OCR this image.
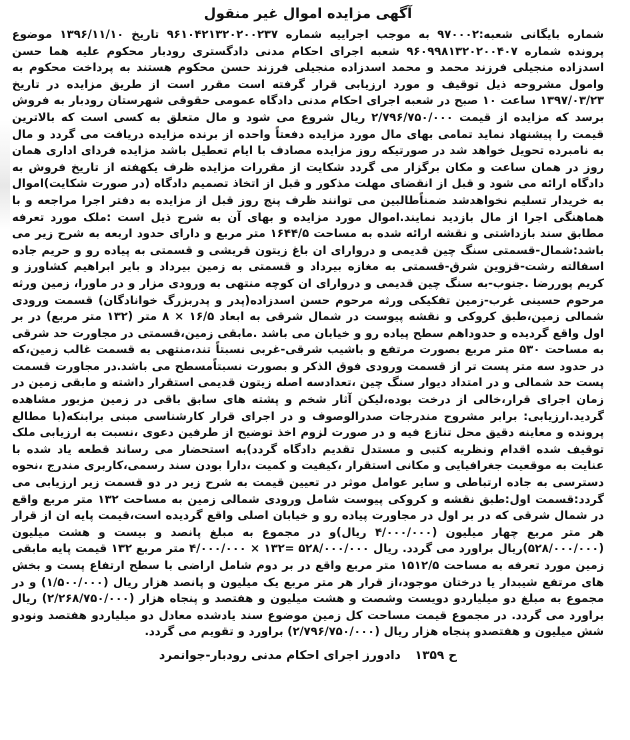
آگهی مزایده اموال غیر منقول

شماره بایگانی شعبه:۹۷۰۰۰۲ به موجب اجراییه شماره ۹۶۱۰۴۲۱۳۲۰۲۰۰۲۳۷ تاریخ ۱۳۹۶/۱۱/۱۰ موضوع پرونده شماره ۹۶۰۹۹۸۱۳۲۰۲۰۰۴۰۷ شعبه اجرای احکام مدنی دادگستری رودبار محکوم علیه هما حسن اسدزاده منجیلی فرزند محمد و محمد اسدزاده منجیلی فرزند حسن محکوم هستند به پرداخت محکوم به وامول مشروحه ذیل توقیف و مورد ارزیابی قرار گرفته است مقرر است از طریق مزایده در تاریخ ۱۳۹۷/۰۳/۲۳ ساعت ۱۰ صبح در شعبه اجرای احکام مدنی دادگاه عمومی حقوقی شهرستان رودبار به فروش برسد که مزایده از قیمت ۲/۷۹۶/۷۵۰/۰۰۰ ریال شروع می شود و مال متعلق به کسی است که بالاترین قیمت را پیشنهاد نماید تمامی بهای مال مورد مزایده دفعتاً واحده از برنده مزایده دریافت می گردد و مال به نامبرده تحویل خواهد شد در صورتیکه روز مزایده مصادف با ایام تعطیل باشد مزایده فردای اداری همان روز در همان ساعت و مکان برگزار می گردد شکایت از مقررات مزایده ظرف یکهفته از تاریخ فروش به دادگاه ارائه می شود و قبل از انقضای مهلت مذکور و قبل از اتخاذ تصمیم دادگاه (در صورت شکایت)اموال به خریدار تسلیم نخواهدشد ضمناًطالبین می توانند ظرف پنج روز قبل از مزایده به دفتر اجرا مراجعه و با هماهنگی اجرا از مال بازدید نمایند.اموال مورد مزایده و بهای آن به شرح ذیل است :ملک مورد تعرفه مطابق سند بازداشتی و نقشه ارائه شده به مساحت ۱۶۴۴/۵ متر مربع و دارای حدود اربعه به شرح زیر می باشد:شمال-قسمتی سنگ چین قدیمی و دروارای ان باغ زیتون قریشی و قسمتی به پیاده رو و حریم جاده اسفالته رشت-قزوین شرق-قسمتی به مغازه بیرداد و قسمتی به زمین بیرداد و بایر ابراهیم کشاورز و کریم پوررضا .جنوب-به سنگ چین قدیمی و دروارای ان کوچه منتهی به ورودی مزار و در ماورا، زمین ورثه مرحوم حسینی غرب-زمین تفکیکی ورثه مرحوم حسن اسدزاده(پدر و پدربزرگ خوانادگان) قسمت ورودی شمالی زمین،طبق کروکی و نقشه پیوست در شمال شرقی به ابعاد ۱۶/۵ × ۸ متر (۱۳۲ متر مربع) در بر اول واقع گردیده و حدوداهم سطح پیاده رو و خیابان می باشد .مابقی زمین،قسمتی در مجاورت حد شرقی به مساحت ۵۳۰ متر مربع بصورت مرتفع و باشیب شرقی-غربی نسبتاً تند،منتهی به قسمت غالب زمین،که در حدود سه متر پست تر از قسمت ورودی فوق الذکر و بصورت نسبتاًمسطح می باشد.در مجاورت قسمت پست حد شمالی و در امتداد دیوار سنگ چین ،تعدادسه اصله زیتون قدیمی استقرار داشته و مابقی زمین در زمان اجرای قرار،خالی از درخت بوده،لیکن آثار شخم و پشته های سابق باقی در زمین مزبور مشاهده گردید.ارزیابی: برابر مشروح مندرجات صدرالوصوف و در اجرای قرار کارشناسی مبنی برابنکه(با مطالع پرونده و معاینه دقیق محل تنازع فیه و در صورت لزوم اخذ توضیح از طرفین دعوی ،نسبت به ارزیابی ملک توقیف شده اقدام ونظریه کتبی و مستدل تقدیم دادگاه گردد)به استحضار می رساند قطعه یاد شده با عنایت به موقعیت جغرافیایی و مکانی استقرار ،کیفیت و کمیت ،دارا بودن سند رسمی،کاربری مندرج ،نحوه دسترسی به جاده ارتباطی و سایر عوامل موثر در تعیین قیمت به شرح زیر در دو قسمت زیر ارزیابی می گردد:قسمت اول:طبق نقشه و کروکی پیوست شامل ورودی شمالی زمین به مساحت ۱۳۲ متر مربع واقع در شمال شرقی که در بر اول در مجاورت پیاده رو و خیابان اصلی واقع گردیده است،قیمت پایه ان از قرار هر متر مربع چهار میلیون (۴/۰۰۰/۰۰۰ ریال)و در مجموع به مبلغ پانصد و بیست و هشت میلیون (۵۲۸/۰۰۰/۰۰۰)ریال براورد می گردد. ریال ۵۲۸/۰۰۰/۰۰۰ =۱۳۲ × ۴/۰۰۰/۰۰۰ متر مربع ۱۳۲ قیمت پایه مابقی زمین مورد تعرفه به مساحت ۱۵۱۲/۵ متر مربع واقع در بر دوم شامل اراضی با سطح ارتفاع پست و بخش های مرتفع شیبدار یا درختان موجود،از قرار هر متر مربع یک میلیون و پانصد هزار ریال (۱/۵۰۰/۰۰۰) و در مجموع به مبلغ دو میلیاردو دویست وشصت و هشت میلیون و هفتصد و پنجاه هزار (۲/۲۶۸/۷۵۰/۰۰۰) ریال براورد می گردد. در مجموع قیمت مساحت کل زمین موضوع سند یادشده معادل دو میلیاردو هفتصد ونودو شش میلیون و هفتصدو پنجاه هزار ریال (۲/۷۹۶/۷۵۰/۰۰۰) براورد و تقویم می گردد.

ح ۱۳۵۹ دادورز اجرای احکام مدنی رودبار-جوانمرد
